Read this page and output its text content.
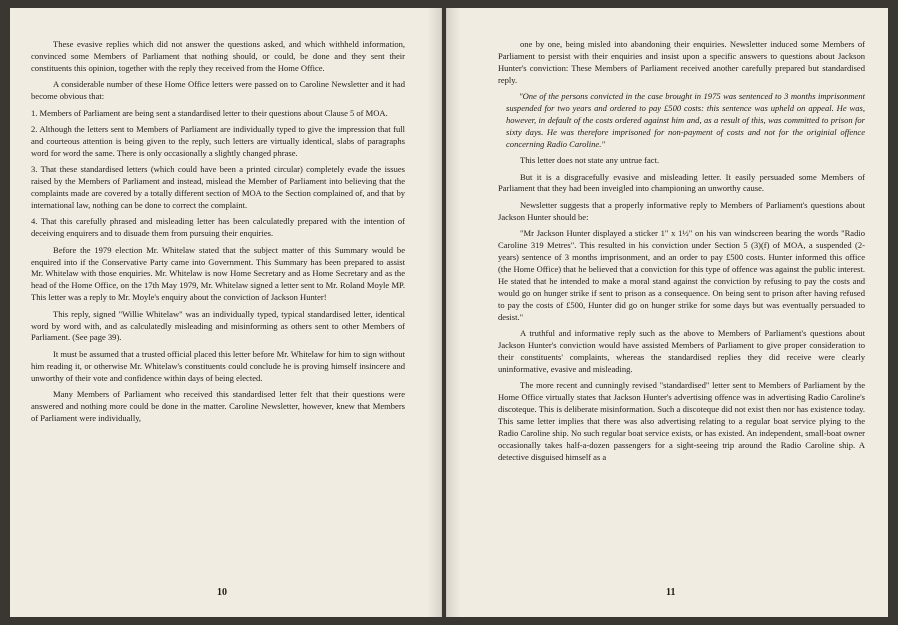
These evasive replies which did not answer the questions asked, and which withheld information, convinced some Members of Parliament that nothing should, or could, be done and they sent their constituents this opinion, together with the reply they received from the Home Office.

A considerable number of these Home Office letters were passed on to Caroline Newsletter and it had become obvious that:

1. Members of Parliament are being sent a standardised letter to their questions about Clause 5 of MOA.

2. Although the letters sent to Members of Parliament are individually typed to give the impression that full and courteous attention is being given to the reply, such letters are virtually identical, slabs of paragraphs word for word the same. There is only occasionally a slightly changed phrase.

3. That these standardised letters (which could have been a printed circular) completely evade the issues raised by the Members of Parliament and instead, mislead the Member of Parliament into believing that the complaints made are covered by a totally different section of MOA to the Section complained of, and that by international law, nothing can be done to correct the complaint.

4. That this carefully phrased and misleading letter has been calculatedly prepared with the intention of deceiving enquirers and to disuade them from pursuing their enquiries.

Before the 1979 election Mr. Whitelaw stated that the subject matter of this Summary would be enquired into if the Conservative Party came into Government. This Summary has been prepared to assist Mr. Whitelaw with those enquiries. Mr. Whitelaw is now Home Secretary and as Home Secretary and as the head of the Home Office, on the 17th May 1979, Mr. Whitelaw signed a letter sent to Mr. Roland Moyle MP. This letter was a reply to Mr. Moyle's enquiry about the conviction of Jackson Hunter!

This reply, signed "Willie Whitelaw" was an individually typed, typical standardised letter, identical word by word with, and as calculatedly misleading and misinforming as others sent to other Members of Parliament. (See page 39).

It must be assumed that a trusted official placed this letter before Mr. Whitelaw for him to sign without him reading it, or otherwise Mr. Whitelaw's constituents could conclude he is proving himself insincere and unworthy of their vote and confidence within days of being elected.

Many Members of Parliament who received this standardised letter felt that their questions were answered and nothing more could be done in the matter. Caroline Newsletter, however, knew that Members of Parliament were individually,

10

one by one, being misled into abandoning their enquiries. Newsletter induced some Members of Parliament to persist with their enquiries and insist upon a specific answers to questions about Jackson Hunter's conviction: These Members of Parliament received another carefully prepared but standardised reply.

"One of the persons convicted in the case brought in 1975 was sentenced to 3 months imprisonment suspended for two years and ordered to pay £500 costs: this sentence was upheld on appeal. He was, however, in default of the costs ordered against him and, as a result of this, was committed to prison for sixty days. He was therefore imprisoned for non-payment of costs and not for the originial offence concerning Radio Caroline."

This letter does not state any untrue fact.

But it is a disgracefully evasive and misleading letter. It easily persuaded some Members of Parliament that they had been inveigled into championing an unworthy cause.

Newsletter suggests that a properly informative reply to Members of Parliament's questions about Jackson Hunter should be:

"Mr Jackson Hunter displayed a sticker 1" x 1½" on his van windscreen bearing the words "Radio Caroline 319 Metres". This resulted in his conviction under Section 5 (3)(f) of MOA, a suspended (2-years) sentence of 3 months imprisonment, and an order to pay £500 costs. Hunter informed this office (the Home Office) that he believed that a conviction for this type of offence was against the public interest. He stated that he intended to make a moral stand against the conviction by refusing to pay the costs and would go on hunger strike if sent to prison as a consequence. On being sent to prison after having refused to pay the costs of £500, Hunter did go on hunger strike for some days but was eventually persuaded to desist."

A truthful and informative reply such as the above to Members of Parliament's questions about Jackson Hunter's conviction would have assisted Members of Parliament to give proper consideration to their constituents' complaints, whereas the standardised replies they did receive were clearly uninformative, evasive and misleading.

The more recent and cunningly revised "standardised" letter sent to Members of Parliament by the Home Office virtually states that Jackson Hunter's advertising offence was in advertising Radio Caroline's discoteque. This is deliberate misinformation. Such a discoteque did not exist then nor has existence today. This same letter implies that there was also advertising relating to a regular boat service plying to the Radio Caroline ship. No such regular boat service exists, or has existed. An independent, small-boat owner occasionally takes half-a-dozen passengers for a sight-seeing trip around the Radio Caroline ship. A detective disguised himself as a

11
